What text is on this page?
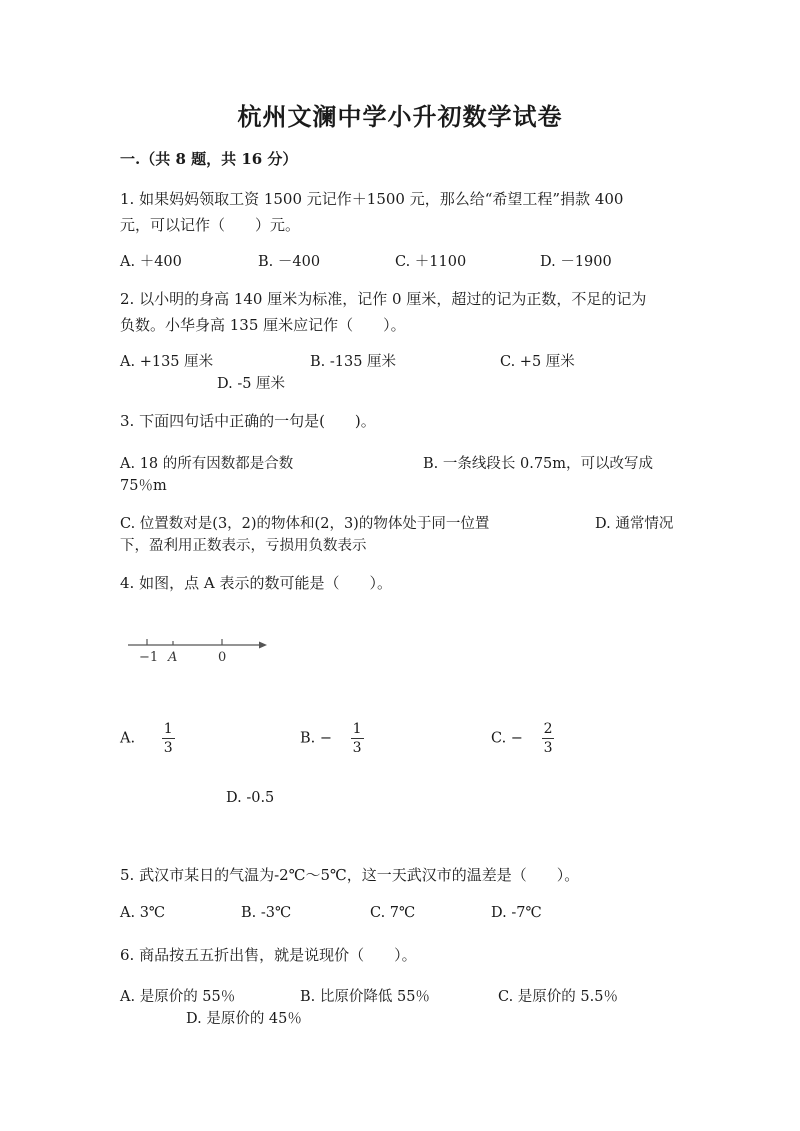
杭州文澜中学小升初数学试卷
一.（共 8 题，共 16 分）
1. 如果妈妈领取工资 1500 元记作＋1500 元，那么给“希望工程”捐款 400
元，可以记作（　　）元。
A. ＋400	B. －400	C. ＋1100	D. －1900
2. 以小明的身高 140 厘米为标准，记作 0 厘米，超过的记为正数，不足的记为
负数。小华身高 135 厘米应记作（　　）。
A. +135 厘米	B. -135 厘米	C. +5 厘米
D. -5 厘米
3. 下面四句话中正确的一句是(　　)。
A. 18 的所有因数都是合数	B. 一条线段长 0.75m，可以改写成
75％m
C. 位置数对是(3，2)的物体和(2，3)的物体处于同一位置	D. 通常情况
下，盈利用正数表示，亏损用负数表示
4. 如图，点 A 表示的数可能是（　　）。
−1 A	0
A. $\frac{1}{3}$	B. − $\frac{1}{3}$	C. − $\frac{2}{3}$
D. -0.5
5. 武汉市某日的气温为-2℃～5℃，这一天武汉市的温差是（　　）。
A. 3℃	B. -3℃	C. 7℃	D. -7℃
6. 商品按五五折出售，就是说现价（　　）。
A. 是原价的 55％	B. 比原价降低 55％	C. 是原价的 5.5％
D. 是原价的 45％
